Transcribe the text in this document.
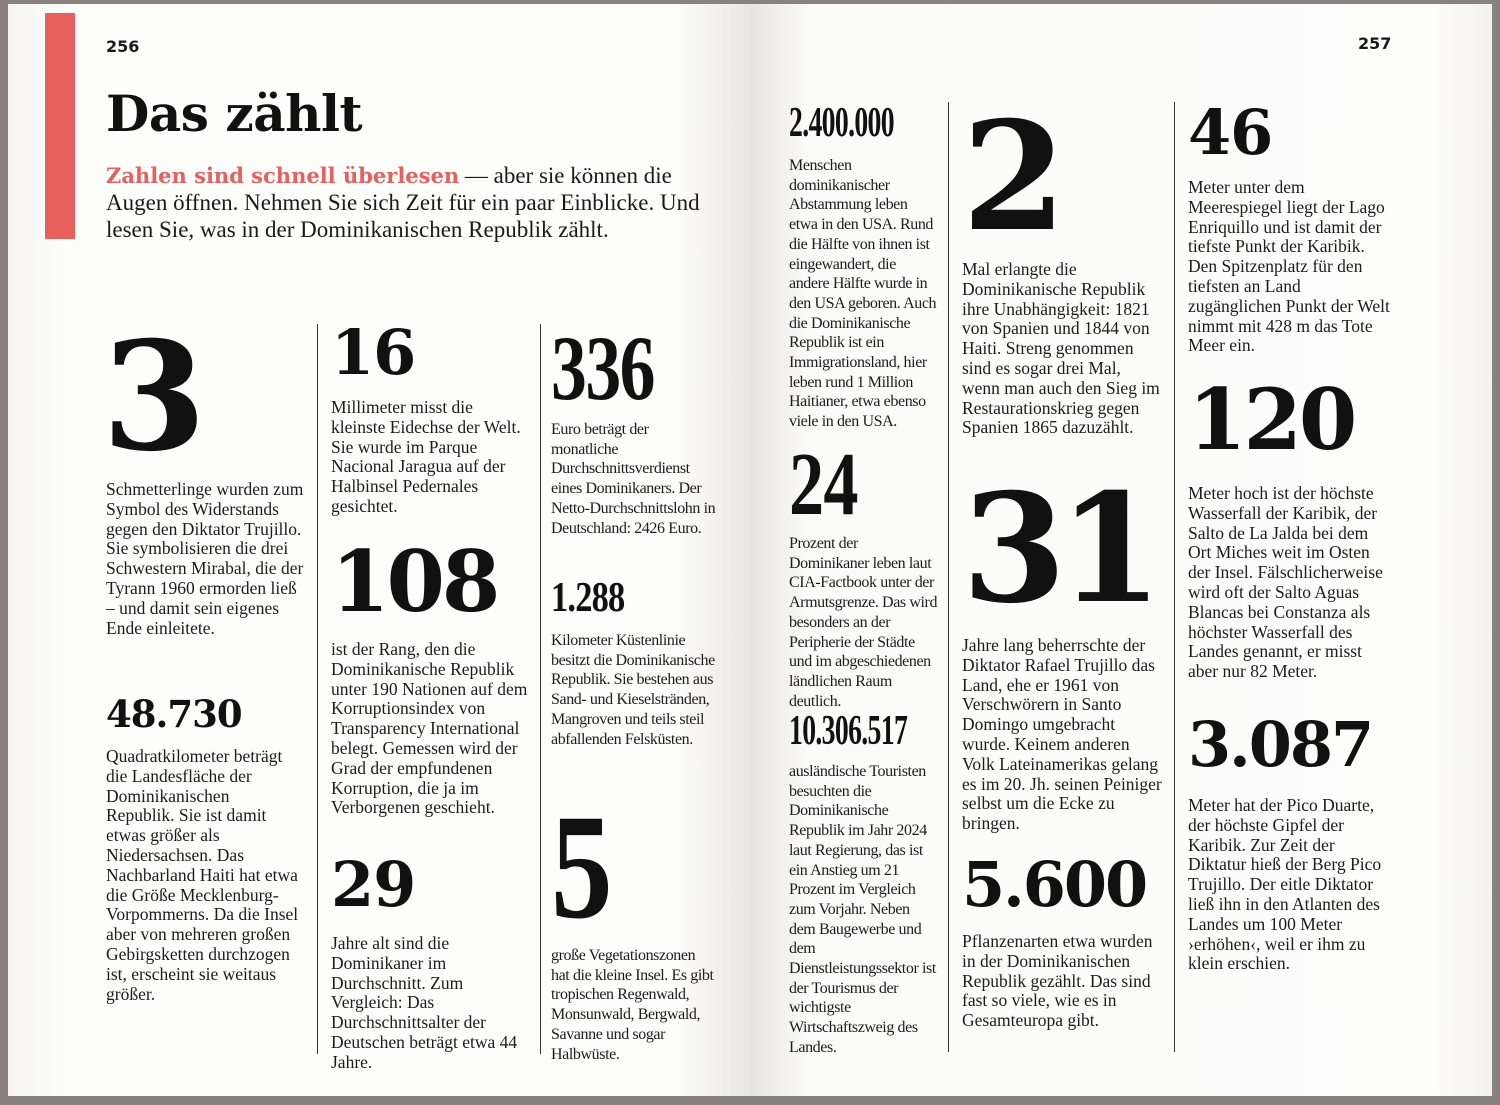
256
Das zählt
Zahlen sind schnell überlesen — aber sie können die Augen öffnen. Nehmen Sie sich Zeit für ein paar Einblicke. Und lesen Sie, was in der Dominikanischen Republik zählt.
3
Schmetterlinge wurden zum Symbol des Widerstands gegen den Diktator Trujillo. Sie symbolisieren die drei Schwestern Mirabal, die der Tyrann 1960 ermorden ließ – und damit sein eigenes Ende einleitete.
48.730
Quadratkilometer beträgt die Landesfläche der Dominikanischen Republik. Sie ist damit etwas größer als Niedersachsen. Das Nachbarland Haiti hat etwa die Größe Mecklenburg-Vorpommerns. Da die Insel aber von mehreren großen Gebirgsketten durchzogen ist, erscheint sie weitaus größer.
16
Millimeter misst die kleinste Eidechse der Welt. Sie wurde im Parque Nacional Jaragua auf der Halbinsel Pedernales gesichtet.
108
ist der Rang, den die Dominikanische Republik unter 190 Nationen auf dem Korruptionsindex von Transparency International belegt. Gemessen wird der Grad der empfundenen Korruption, die ja im Verborgenen geschieht.
29
Jahre alt sind die Dominikaner im Durchschnitt. Zum Vergleich: Das Durchschnittsalter der Deutschen beträgt etwa 44 Jahre.
336
Euro beträgt der monatliche Durchschnittsverdienst eines Dominikaners. Der Netto-Durchschnittslohn in Deutschland: 2426 Euro.
1.288
Kilometer Küstenlinie besitzt die Dominikanische Republik. Sie bestehen aus Sand- und Kieselstränden, Mangroven und teils steil abfallenden Felsküsten.
5
große Vegetationszonen hat die kleine Insel. Es gibt tropischen Regenwald, Monsunwald, Bergwald, Savanne und sogar Halbwüste.
257
2.400.000
Menschen dominikanischer Abstammung leben etwa in den USA. Rund die Hälfte von ihnen ist eingewandert, die andere Hälfte wurde in den USA geboren. Auch die Dominikanische Republik ist ein Immigrationsland, hier leben rund 1 Million Haitianer, etwa ebenso viele in den USA.
24
Prozent der Dominikaner leben laut CIA-Factbook unter der Armutsgrenze. Das wird besonders an der Peripherie der Städte und im abgeschiedenen ländlichen Raum deutlich.
10.306.517
ausländische Touristen besuchten die Dominikanische Republik im Jahr 2024 laut Regierung, das ist ein Anstieg um 21 Prozent im Vergleich zum Vorjahr. Neben dem Baugewerbe und dem Dienstleistungssektor ist der Tourismus der wichtigste Wirtschaftszweig des Landes.
2
Mal erlangte die Dominikanische Republik ihre Unabhängigkeit: 1821 von Spanien und 1844 von Haiti. Streng genommen sind es sogar drei Mal, wenn man auch den Sieg im Restaurationskrieg gegen Spanien 1865 dazuzählt.
31
Jahre lang beherrschte der Diktator Rafael Trujillo das Land, ehe er 1961 von Verschwörern in Santo Domingo umgebracht wurde. Keinem anderen Volk Lateinamerikas gelang es im 20. Jh. seinen Peiniger selbst um die Ecke zu bringen.
5.600
Pflanzenarten etwa wurden in der Dominikanischen Republik gezählt. Das sind fast so viele, wie es in Gesamteuropa gibt.
46
Meter unter dem Meerespiegel liegt der Lago Enriquillo und ist damit der tiefste Punkt der Karibik. Den Spitzenplatz für den tiefsten an Land zugänglichen Punkt der Welt nimmt mit 428 m das Tote Meer ein.
120
Meter hoch ist der höchste Wasserfall der Karibik, der Salto de La Jalda bei dem Ort Miches weit im Osten der Insel. Fälschlicherweise wird oft der Salto Aguas Blancas bei Constanza als höchster Wasserfall des Landes genannt, er misst aber nur 82 Meter.
3.087
Meter hat der Pico Duarte, der höchste Gipfel der Karibik. Zur Zeit der Diktatur hieß der Berg Pico Trujillo. Der eitle Diktator ließ ihn in den Atlanten des Landes um 100 Meter ›erhöhen‹, weil er ihm zu klein erschien.
